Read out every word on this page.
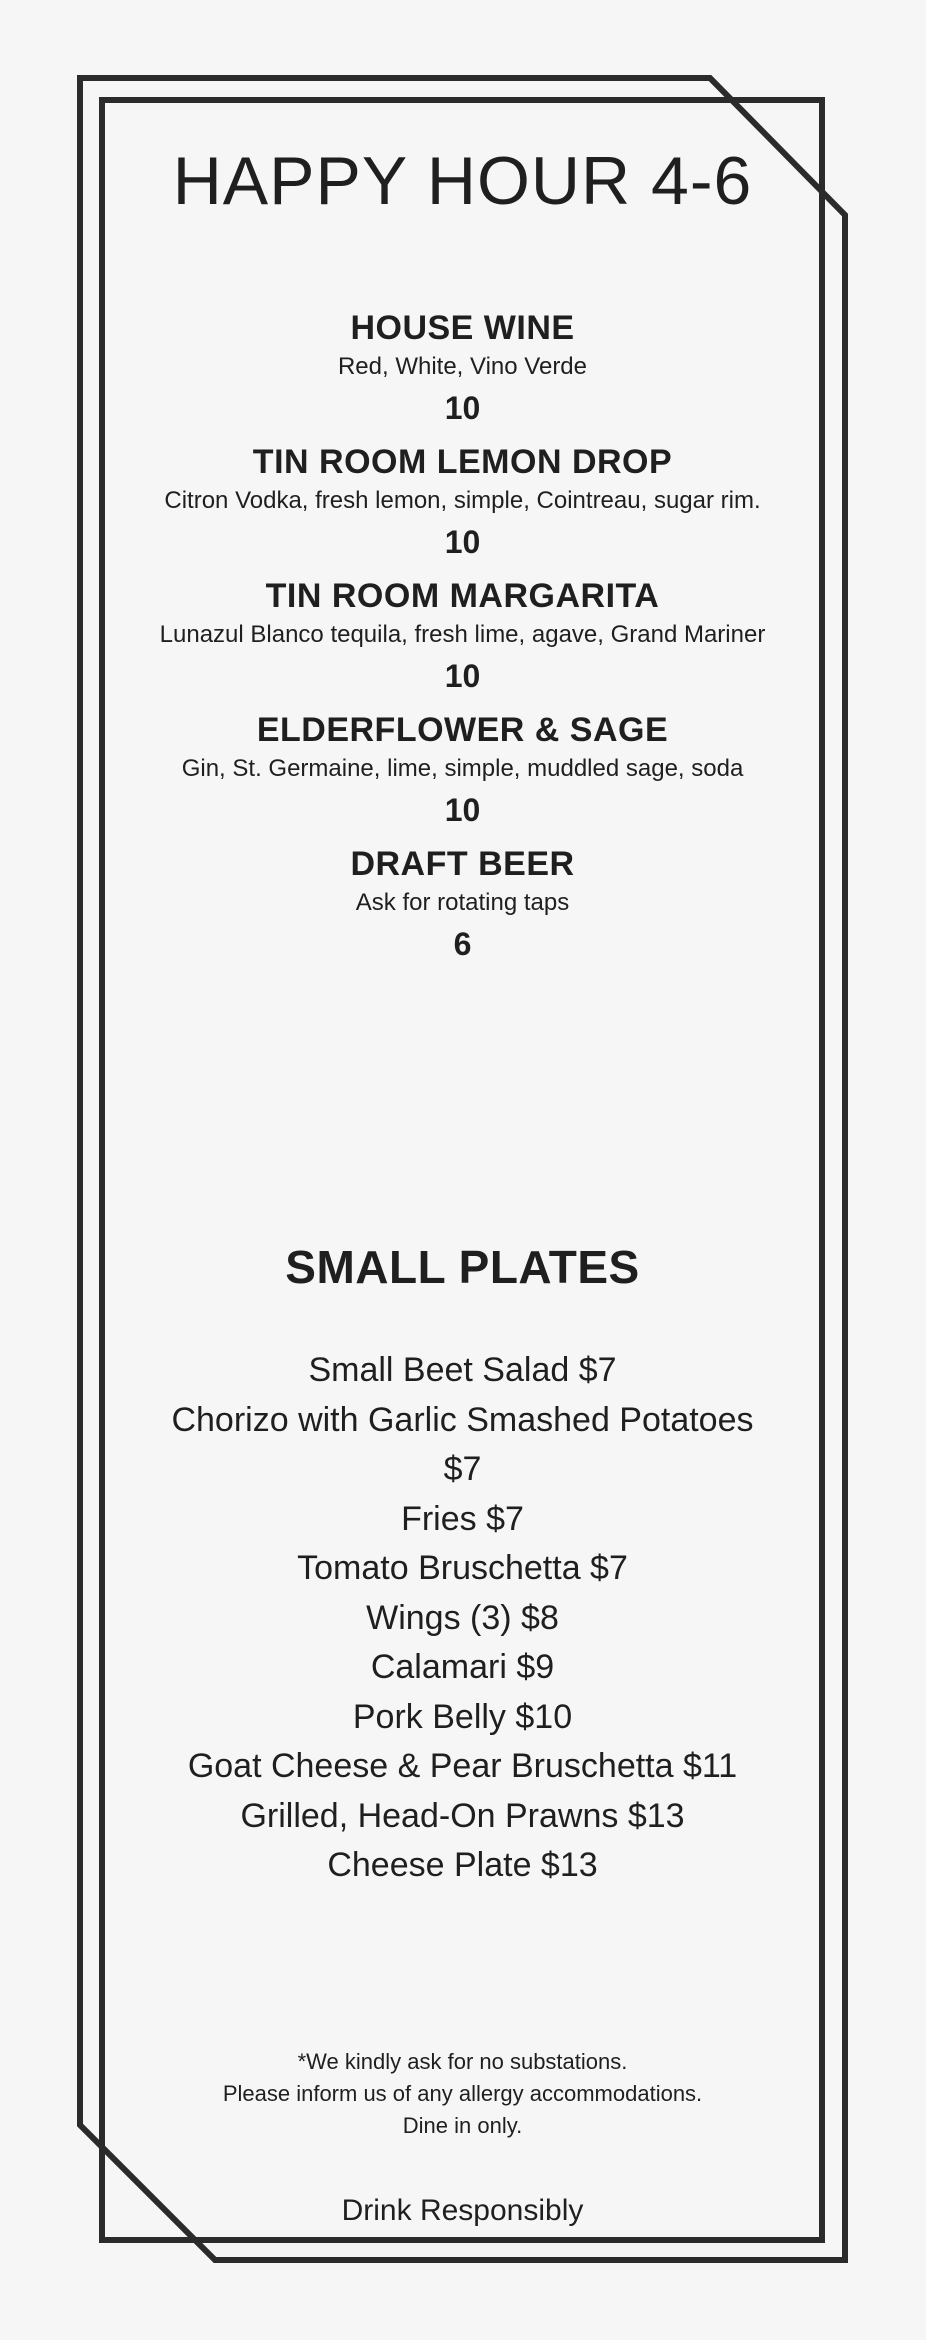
HAPPY HOUR 4-6

HOUSE WINE

Red, White, Vino Verde

10

TIN ROOM LEMON DROP

Citron Vodka, fresh lemon, simple, Cointreau, sugar rim.

10

TIN ROOM MARGARITA

Lunazul Blanco tequila, fresh lime, agave, Grand Mariner

10

ELDERFLOWER & SAGE

Gin, St. Germaine, lime, simple, muddled sage, soda

10

DRAFT BEER

Ask for rotating taps

6

SMALL PLATES
Small Beet Salad $7
Chorizo with Garlic Smashed Potatoes $7
Fries $7
Tomato Bruschetta $7
Wings (3) $8
Calamari $9
Pork Belly $10
Goat Cheese & Pear Bruschetta $11
Grilled, Head-On Prawns $13
Cheese Plate $13
*We kindly ask for no substations.
Please inform us of any allergy accommodations.
Dine in only.
Drink Responsibly
